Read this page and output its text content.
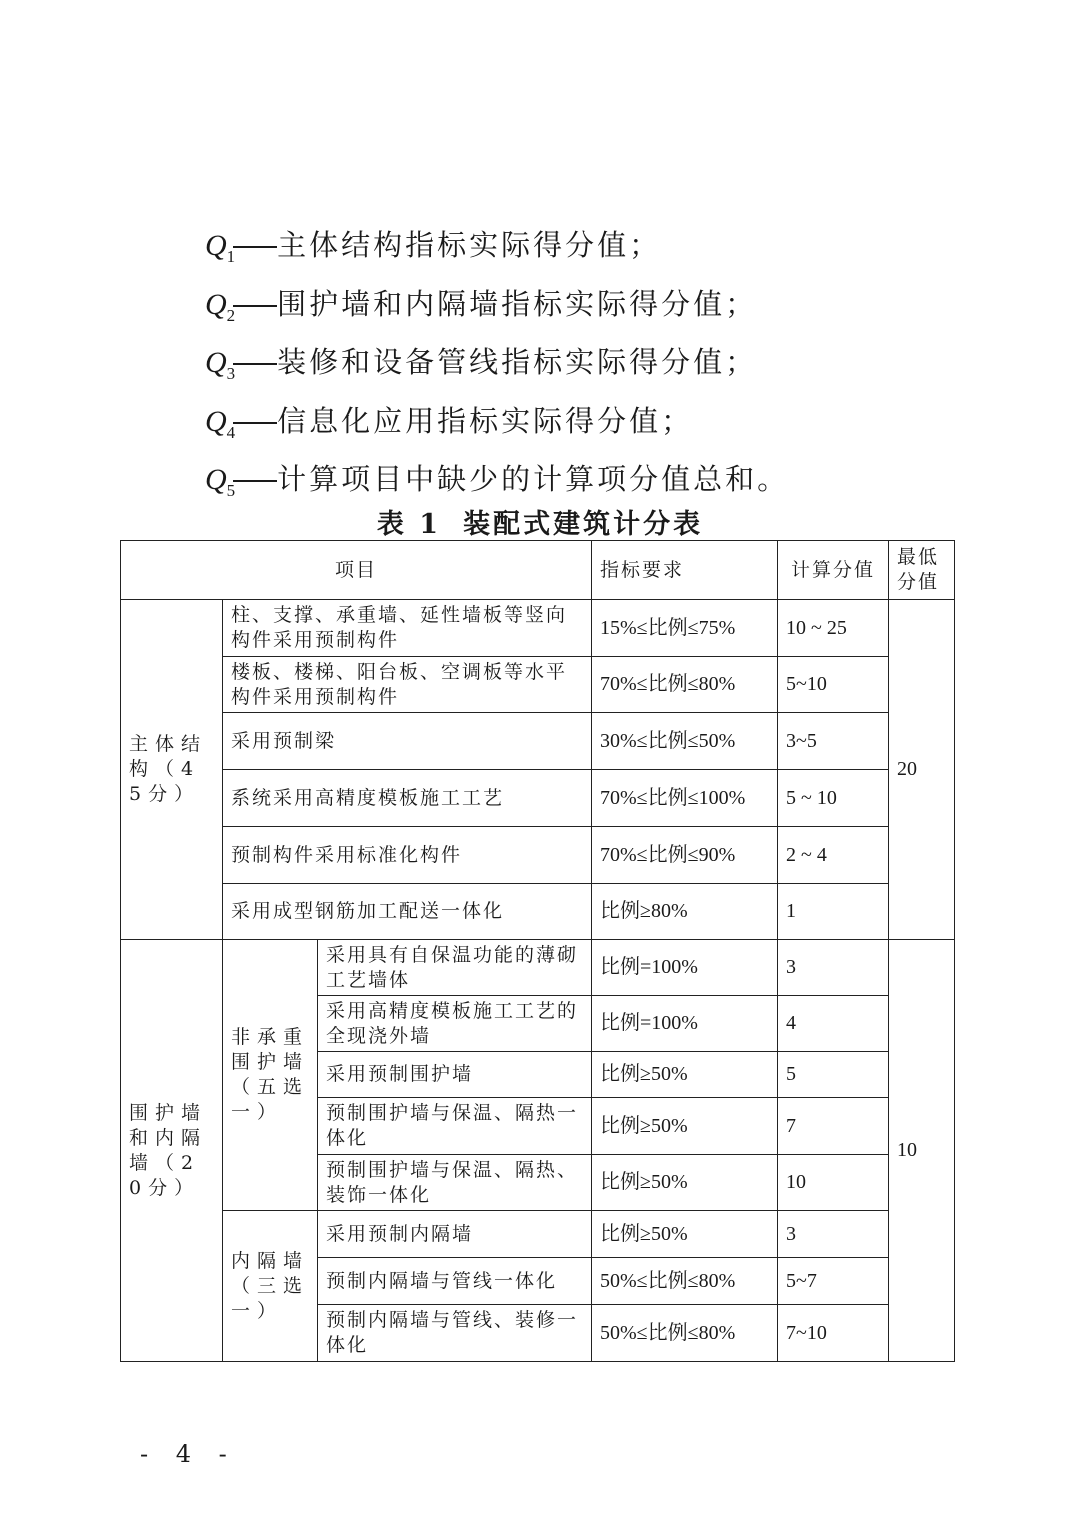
$Q_1$ 主体结构指标实际得分值；
$Q_2$ 围护墙和内隔墙指标实际得分值；
$Q_3$ 装修和设备管线指标实际得分值；
$Q_4$ 信息化应用指标实际得分值；
$Q_5$ 计算项目中缺少的计算项分值总和。
表 1 装配式建筑计分表
项目			指标要求	计算分值	最低分值
主体结构（45分）	柱、支撑、承重墙、延性墙板等竖向构件采用预制构件		15%≤比例≤75%	10 ~ 25	20
	楼板、楼梯、阳台板、空调板等水平构件采用预制构件		70%≤比例≤80%	5~10	
	采用预制梁		30%≤比例≤50%	3~5	
	系统采用高精度模板施工工艺		70%≤比例≤100%	5 ~ 10	
	预制构件采用标准化构件		70%≤比例≤90%	2 ~ 4	
	采用成型钢筋加工配送一体化		比例≥80%	1	
围护墙和内隔墙（20分）	非承重围护墙（五选一）	采用具有自保温功能的薄砌工艺墙体	比例=100%	3	10
		采用高精度模板施工工艺的全现浇外墙	比例=100%	4	
		采用预制围护墙	比例≥50%	5	
		预制围护墙与保温、隔热一体化	比例≥50%	7	
		预制围护墙与保温、隔热、装饰一体化	比例≥50%	10	
	内隔墙（三选一）	采用预制内隔墙	比例≥50%	3	
		预制内隔墙与管线一体化	50%≤比例≤80%	5~7	
		预制内隔墙与管线、装修一体化	50%≤比例≤80%	7~10	
- 4 -
